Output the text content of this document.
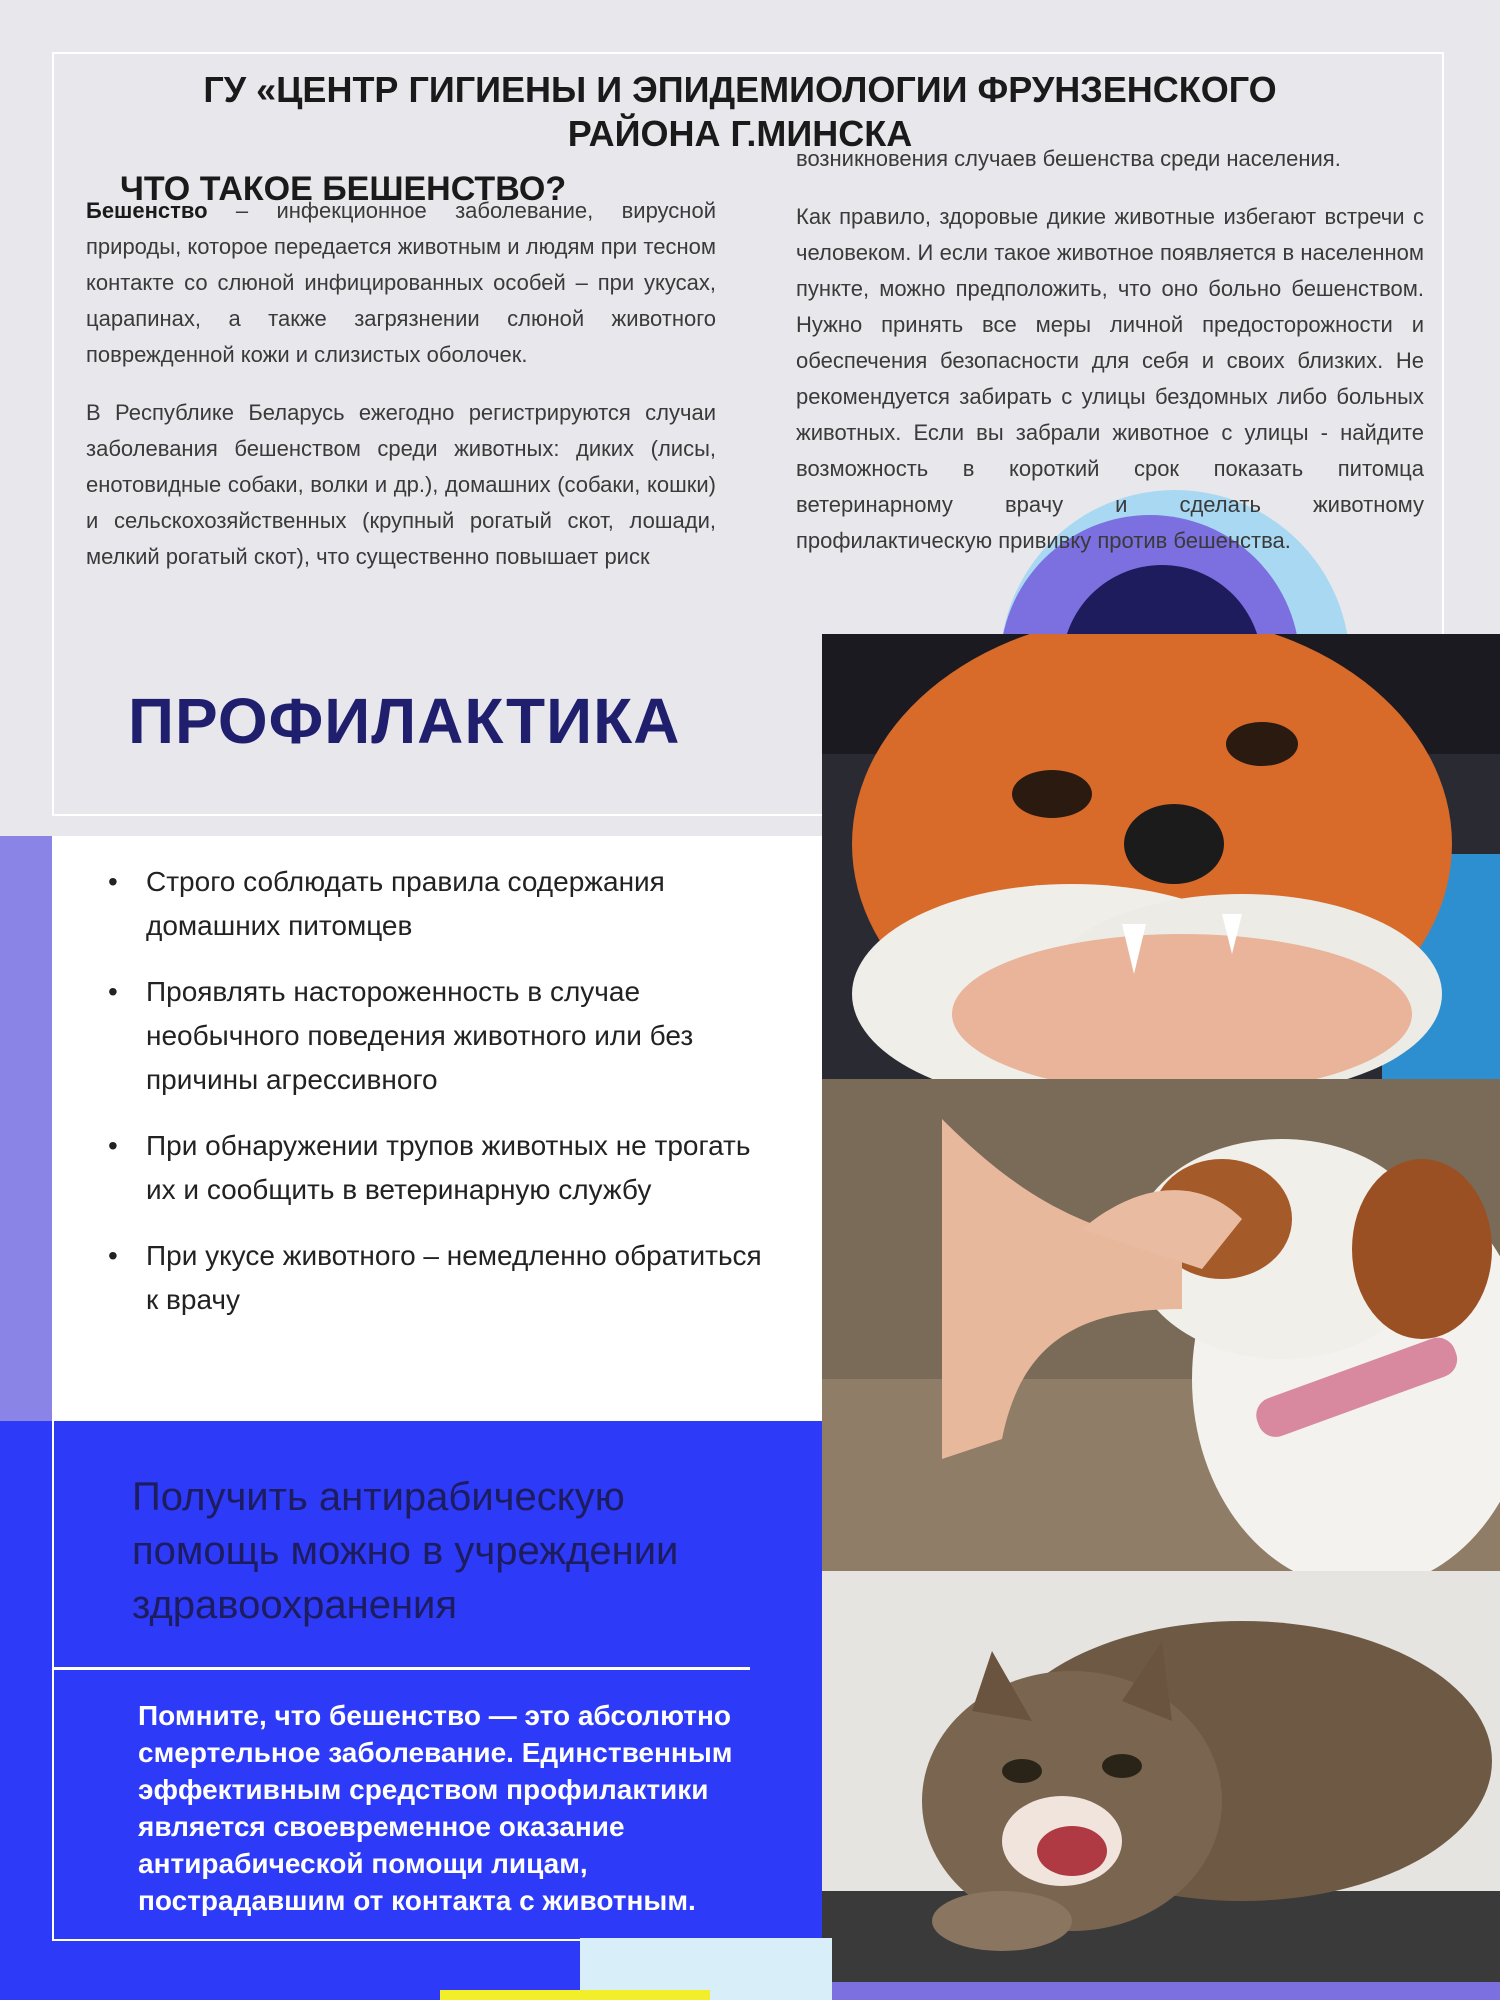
ГУ «ЦЕНТР ГИГИЕНЫ И ЭПИДЕМИОЛОГИИ ФРУНЗЕНСКОГО
РАЙОНА Г.МИНСКА

Бешенство – инфекционное заболевание, вирусной природы, которое передается животным и людям при тесном контакте со слюной инфицированных особей – при укусах, царапинах, а также загрязнении слюной животного поврежденной кожи и слизистых оболочек.

В Республике Беларусь ежегодно регистрируются случаи заболевания бешенством среди животных: диких (лисы, енотовидные собаки, волки и др.), домашних (собаки, кошки) и сельскохозяйственных (крупный рогатый скот, лошади, мелкий рогатый скот), что существенно повышает риск

ЧТО ТАКОЕ БЕШЕНСТВО?

возникновения случаев бешенства среди населения.

Как правило, здоровые дикие животные избегают встречи с человеком. И если такое животное появляется в населенном пункте, можно предположить, что оно больно бешенством. Нужно принять все меры личной предосторожности и обеспечения безопасности для себя и своих близких. Не рекомендуется забирать с улицы бездомных либо больных животных. Если вы забрали животное с улицы - найдите возможность в короткий срок показать питомца ветеринарному врачу и сделать животному профилактическую прививку против бешенства.

ПРОФИЛАКТИКА
• Строго соблюдать правила содержания домашних питомцев
• Проявлять настороженность в случае необычного поведения животного или без причины агрессивного
• При обнаружении трупов животных не трогать их и сообщить в ветеринарную службу
• При укусе животного – немедленно обратиться к врачу
Получить антирабическую помощь можно в учреждении здравоохранения
Помните, что бешенство — это абсолютно смертельное заболевание. Единственным эффективным средством профилактики является своевременное оказание антирабической помощи лицам, пострадавшим от контакта с животным.
